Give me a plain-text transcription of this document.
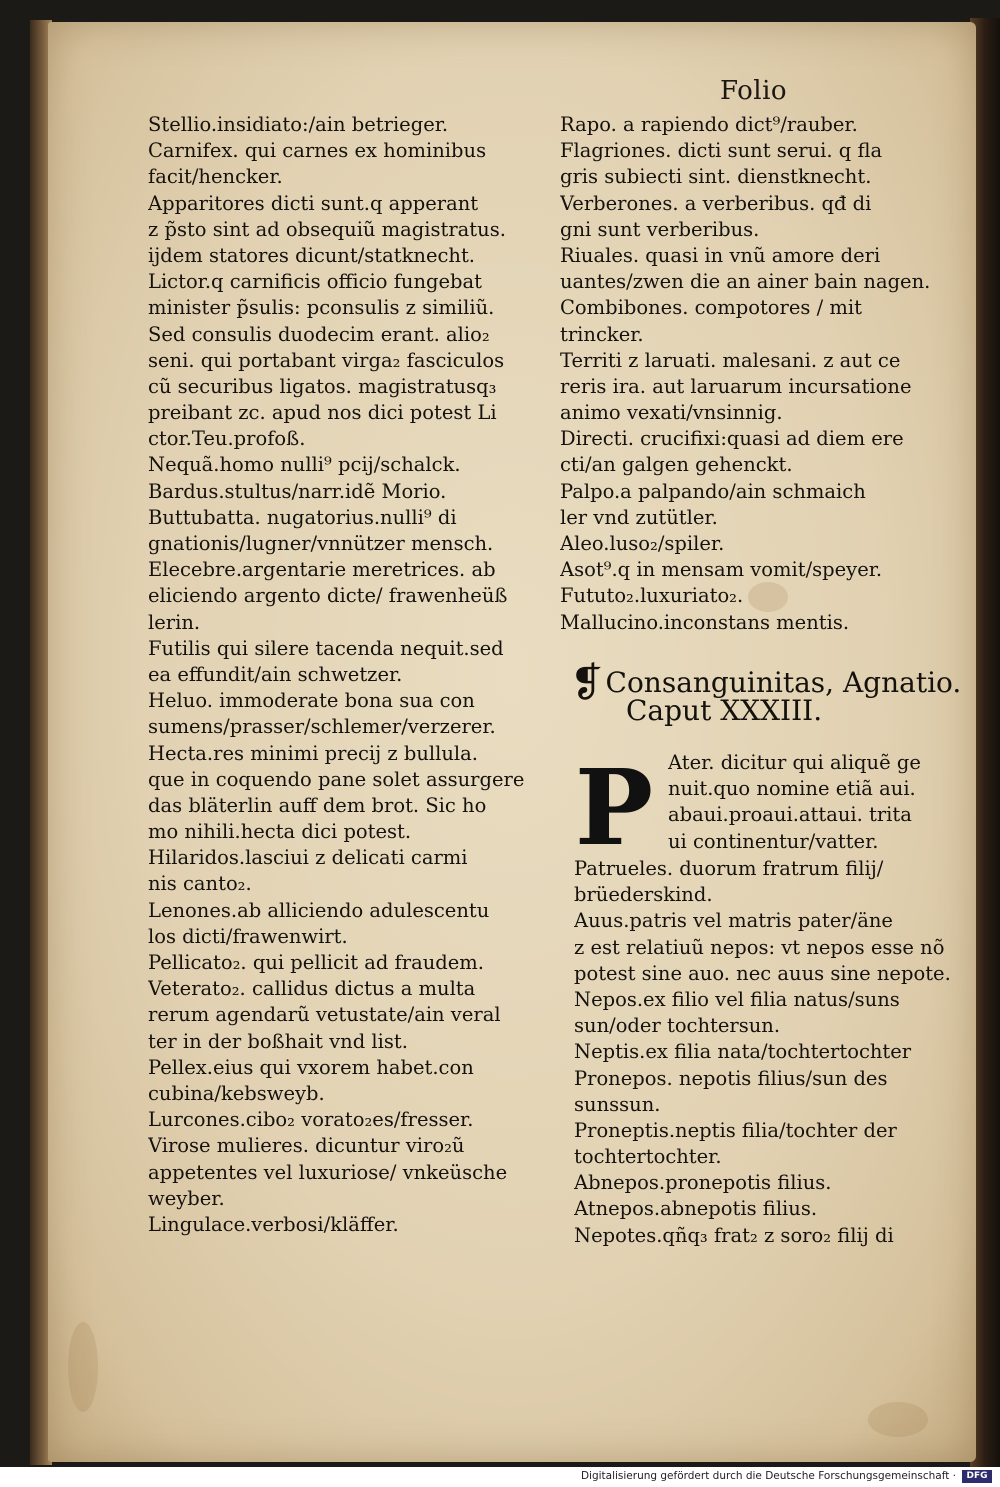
Folio
Stellio.insidiato:/ain betrieger.
Carnifex. qui carnes ex hominibus
facit/hencker.
Apparitores dicti sunt.q apperant
z p̃sto sint ad obsequiũ magistratus.
ijdem statores dicunt/statknecht.
Lictor.q carnificis officio fungebat
minister p̃sulis: pconsulis z similiũ.
Sed consulis duodecim erant. alio₂
seni. qui portabant virga₂ fasciculos
cũ securibus ligatos. magistratusq₃
preibant zc. apud nos dici potest Li
ctor.Teu.profoß.
Nequã.homo nulli⁹ pcij/schalck.
Bardus.stultus/narr.idẽ Morio.
Buttubatta. nugatorius.nulli⁹ di
gnationis/lugner/vnnützer mensch.
Elecebre.argentarie meretrices. ab
eliciendo argento dicte/ frawenheüß
lerin.
Futilis qui silere tacenda nequit.sed
ea effundit/ain schwetzer.
Heluo. immoderate bona sua con
sumens/prasser/schlemer/verzerer.
Hecta.res minimi precij z bullula.
que in coquendo pane solet assurgere
das bläterlin auff dem brot. Sic ho
mo nihili.hecta dici potest.
Hilaridos.lasciui z delicati carmi
nis canto₂.
Lenones.ab alliciendo adulescentu
los dicti/frawenwirt.
Pellicato₂. qui pellicit ad fraudem.
Veterato₂. callidus dictus a multa
rerum agendarũ vetustate/ain veral
ter in der boßhait vnd list.
Pellex.eius qui vxorem habet.con
cubina/kebsweyb.
Lurcones.cibo₂ vorato₂es/fresser.
Virose mulieres. dicuntur viro₂ũ
appetentes vel luxuriose/ vnkeüsche
weyber.
Lingulace.verbosi/kläffer.
Rapo. a rapiendo dict⁹/rauber.
Flagriones. dicti sunt serui. q fla
gris subiecti sint. dienstknecht.
Verberones. a verberibus. qđ di
gni sunt verberibus.
Riuales. quasi in vnũ amore deri
uantes/zwen die an ainer bain nagen.
Combibones. compotores / mit
trincker.
Territi z laruati. malesani. z aut ce
reris ira. aut laruarum incursatione
animo vexati/vnsinnig.
Directi. crucifixi:quasi ad diem ere
cti/an galgen gehenckt.
Palpo.a palpando/ain schmaich
ler vnd zutütler.
Aleo.luso₂/spiler.
Asot⁹.q in mensam vomit/speyer.
Fututo₂.luxuriato₂.
Mallucino.inconstans mentis.
❡Consanguinitas, Agnatio.
Caput XXXIII.
P Ater. dicitur qui aliquẽ ge
nuit.quo nomine etiã aui.
abaui.proaui.attaui. trita
ui continentur/vatter.
Patrueles. duorum fratrum filij/
brüederskind.
Auus.patris vel matris pater/äne
z est relatiuũ nepos: vt nepos esse nõ
potest sine auo. nec auus sine nepote.
Nepos.ex filio vel filia natus/suns
sun/oder tochtersun.
Neptis.ex filia nata/tochtertochter
Pronepos. nepotis filius/sun des
sunssun.
Proneptis.neptis filia/tochter der
tochtertochter.
Abnepos.pronepotis filius.
Atnepos.abnepotis filius.
Nepotes.qñq₃ frat₂ z soro₂ filij di
Digitalisierung gefördert durch die Deutsche Forschungsgemeinschaft ·	DFG
